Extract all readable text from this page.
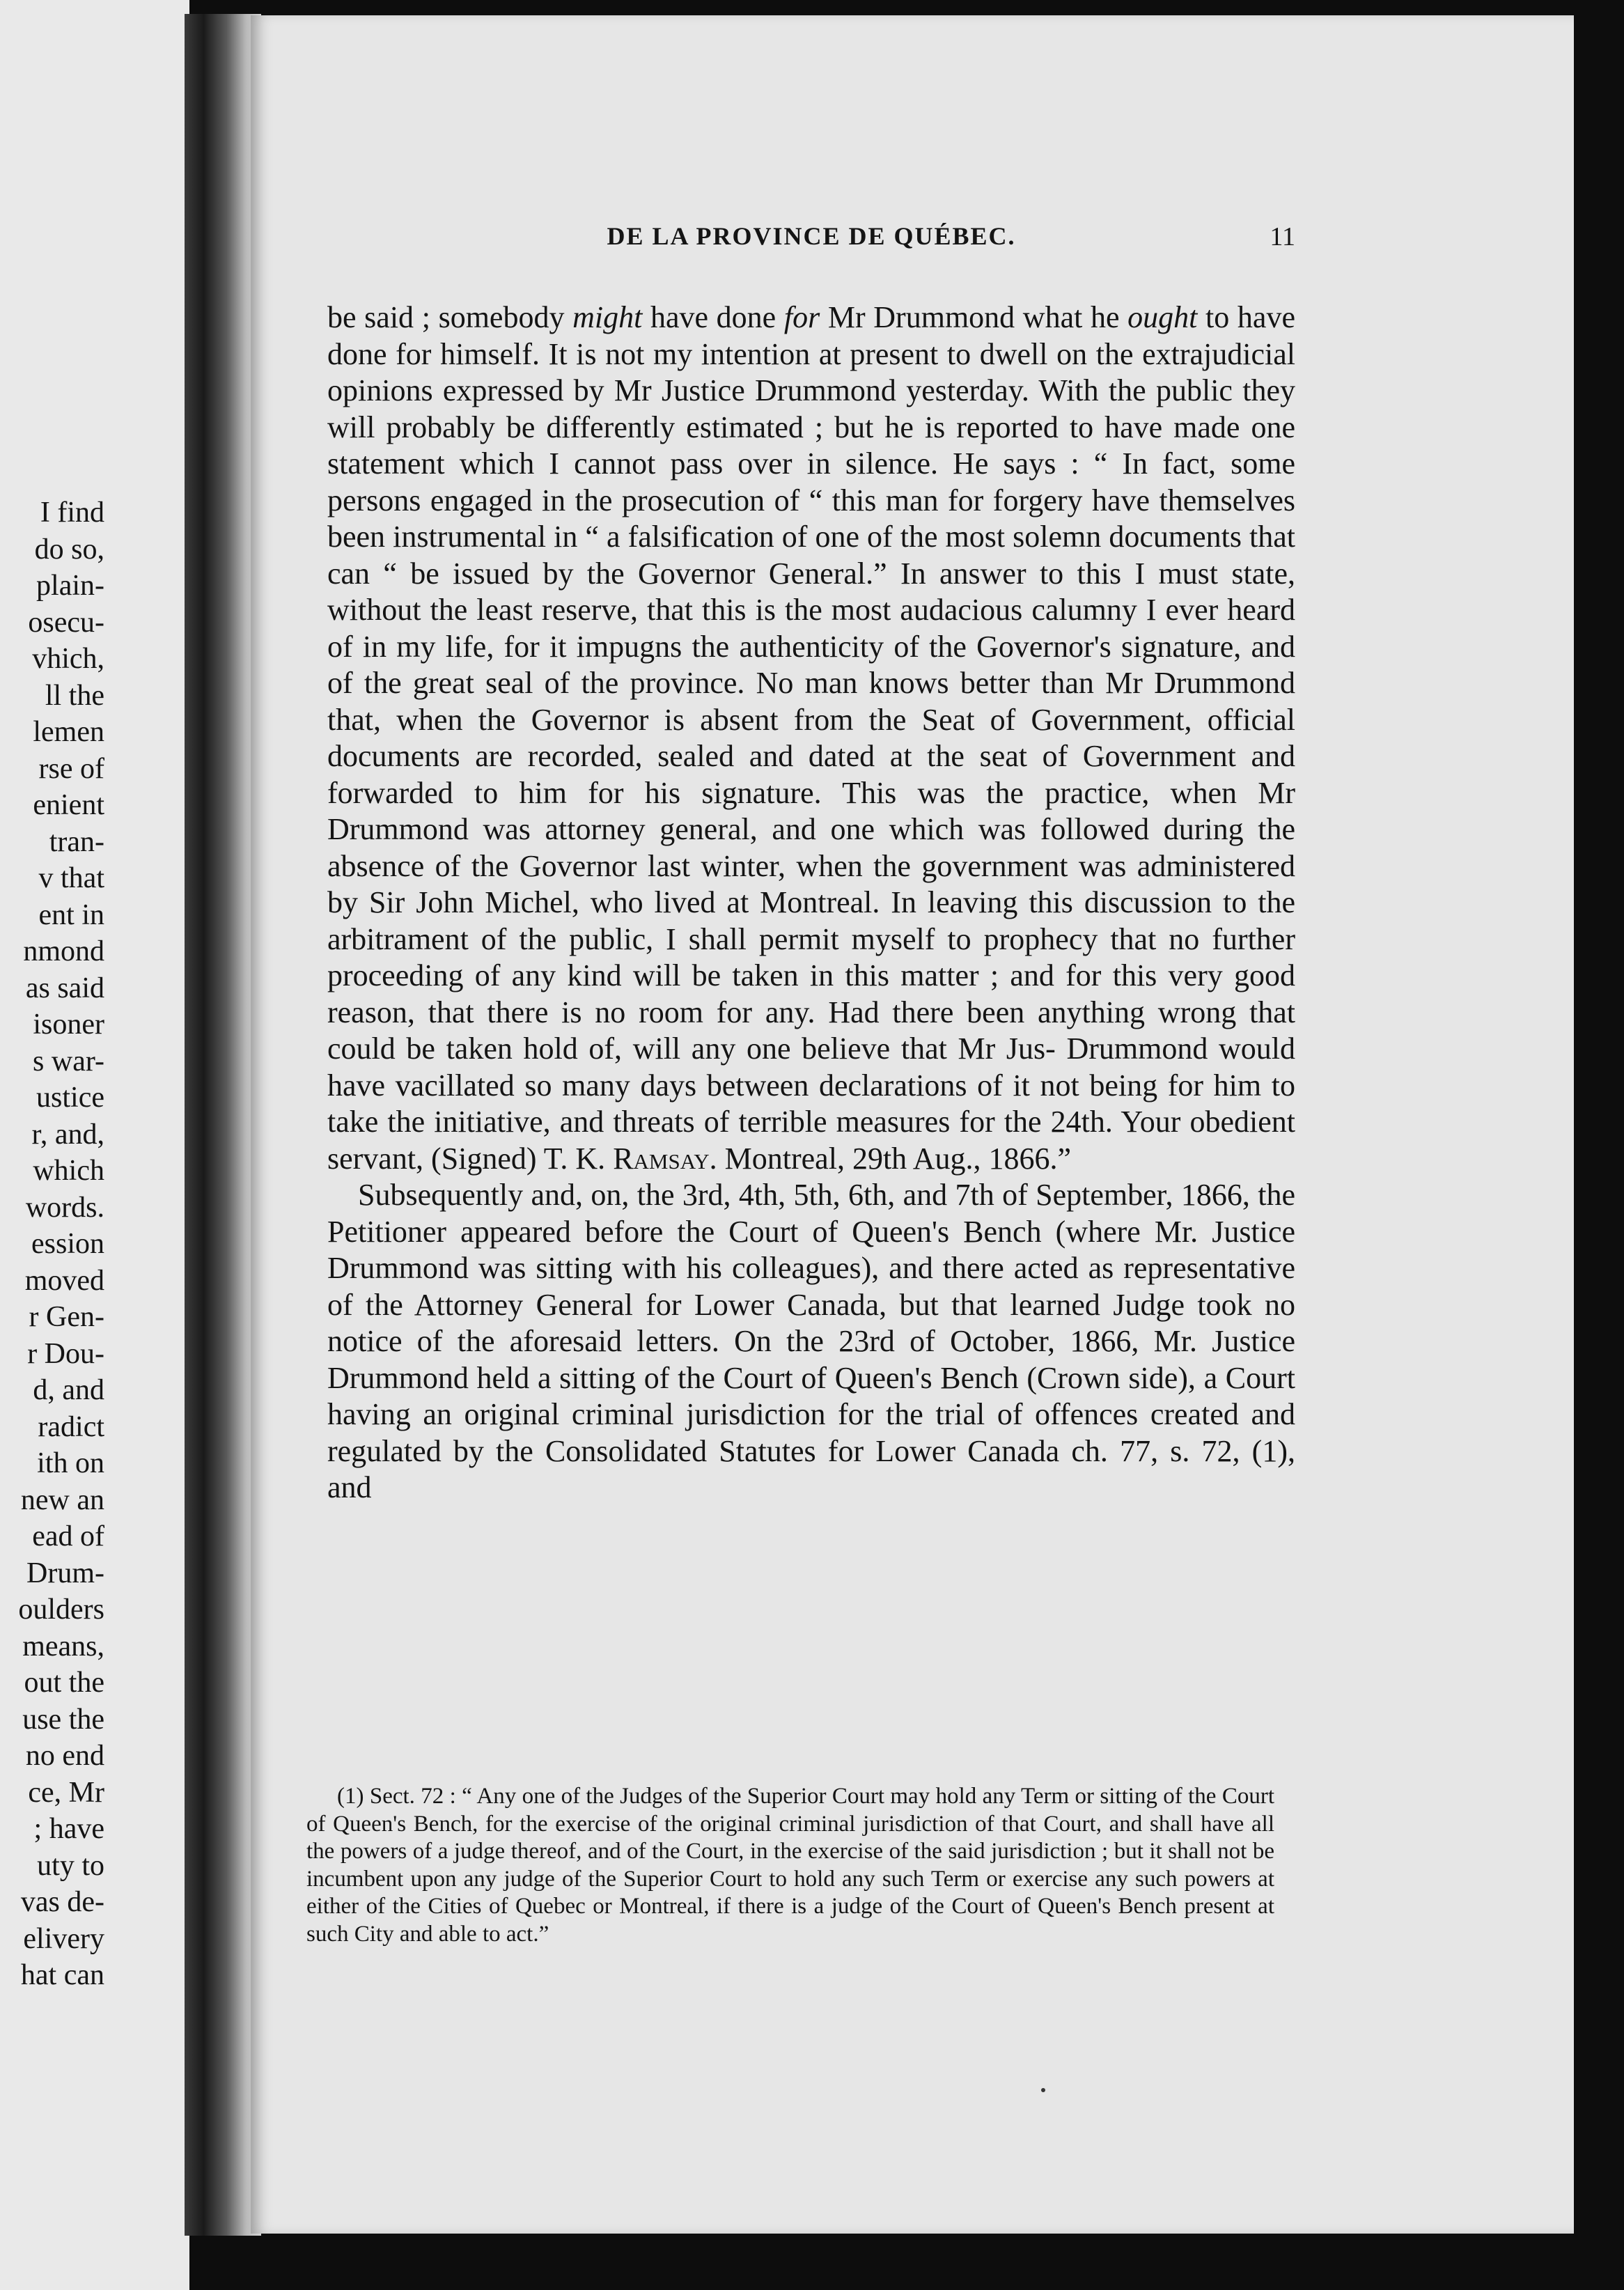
I find
do so,
plain-
osecu-
vhich,
ll the
lemen
rse of
enient
tran-
v that
ent in
nmond
as said
isoner
s war-
ustice
r, and,
which
words.
ession
moved
r Gen-
r Dou-
d, and
radict
ith on
new an
ead of
Drum-
oulders
means,
out the
use the
no end
ce, Mr
; have
uty to
vas de-
elivery
hat can
DE LA PROVINCE DE QUÉBEC.	11

be said ; somebody might have done for Mr Drummond what he ought to have done for himself. It is not my intention at present to dwell on the extrajudicial opinions expressed by Mr Justice Drummond yesterday. With the public they will probably be differently estimated ; but he is reported to have made one statement which I cannot pass over in silence. He says : “ In fact, some persons engaged in the prosecution of “ this man for forgery have themselves been instrumental in “ a falsification of one of the most solemn documents that can “ be issued by the Governor General.” In answer to this I must state, without the least reserve, that this is the most audacious calumny I ever heard of in my life, for it impugns the authenticity of the Governor's signature, and of the great seal of the province. No man knows better than Mr Drummond that, when the Governor is absent from the Seat of Government, official documents are recorded, sealed and dated at the seat of Government and forwarded to him for his signature. This was the practice, when Mr Drummond was attorney general, and one which was followed during the absence of the Governor last winter, when the government was administered by Sir John Michel, who lived at Montreal. In leaving this discussion to the arbitrament of the public, I shall permit myself to prophecy that no further proceeding of any kind will be taken in this matter ; and for this very good reason, that there is no room for any. Had there been anything wrong that could be taken hold of, will any one believe that Mr Jus- Drummond would have vacillated so many days between declarations of it not being for him to take the initiative, and threats of terrible measures for the 24th. Your obedient servant, (Signed) T. K. Ramsay. Montreal, 29th Aug., 1866.”

Subsequently and, on, the 3rd, 4th, 5th, 6th, and 7th of September, 1866, the Petitioner appeared before the Court of Queen's Bench (where Mr. Justice Drummond was sitting with his colleagues), and there acted as representative of the Attorney General for Lower Canada, but that learned Judge took no notice of the aforesaid letters. On the 23rd of October, 1866, Mr. Justice Drummond held a sitting of the Court of Queen's Bench (Crown side), a Court having an original criminal jurisdiction for the trial of offences created and regulated by the Consolidated Statutes for Lower Canada ch. 77, s. 72, (1), and

(1) Sect. 72 : “ Any one of the Judges of the Superior Court may hold any Term or sitting of the Court of Queen's Bench, for the exercise of the original criminal jurisdiction of that Court, and shall have all the powers of a judge thereof, and of the Court, in the exercise of the said jurisdiction ; but it shall not be incumbent upon any judge of the Superior Court to hold any such Term or exercise any such powers at either of the Cities of Quebec or Montreal, if there is a judge of the Court of Queen's Bench present at such City and able to act.”
